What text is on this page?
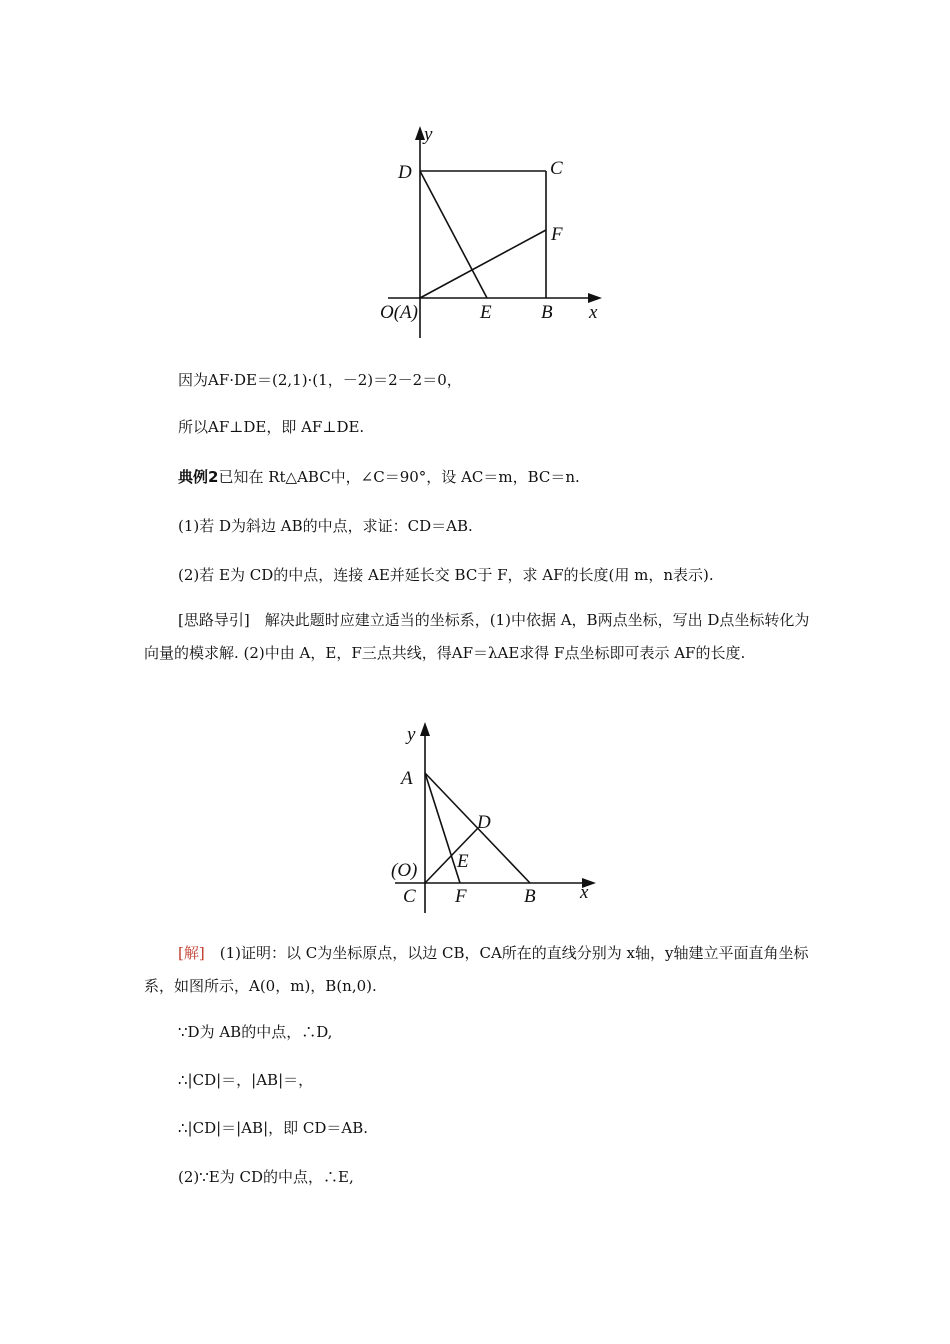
y
D	C
F
O(A)	E	B x
因为AF·DE＝(2,1)·(1，－2)＝2－2＝0，
所以AF⊥DE，即 AF⊥DE.
典例2已知在 Rt△ABC中，∠C＝90°，设 AC＝m，BC＝n.
(1)若 D为斜边 AB的中点，求证：CD＝AB.
(2)若 E为 CD的中点，连接 AE并延长交 BC于 F，求 AF的长度(用 m，n表示).
[思路导引]　解决此题时应建立适当的坐标系，(1)中依据 A，B两点坐标，写出 D点坐标转化为向量的模求解. (2)中由 A，E，F三点共线，得AF＝λAE求得 F点坐标即可表示 AF的长度.
y
A
D
E
(O)
C F	B x
[解]　(1)证明：以 C为坐标原点，以边 CB，CA所在的直线分别为 x轴，y轴建立平面直角坐标系，如图所示，A(0，m)，B(n,0).
∵D为 AB的中点，∴D,
∴|CD|＝，|AB|＝，
∴|CD|＝|AB|，即 CD＝AB.
(2)∵E为 CD的中点，∴E,
